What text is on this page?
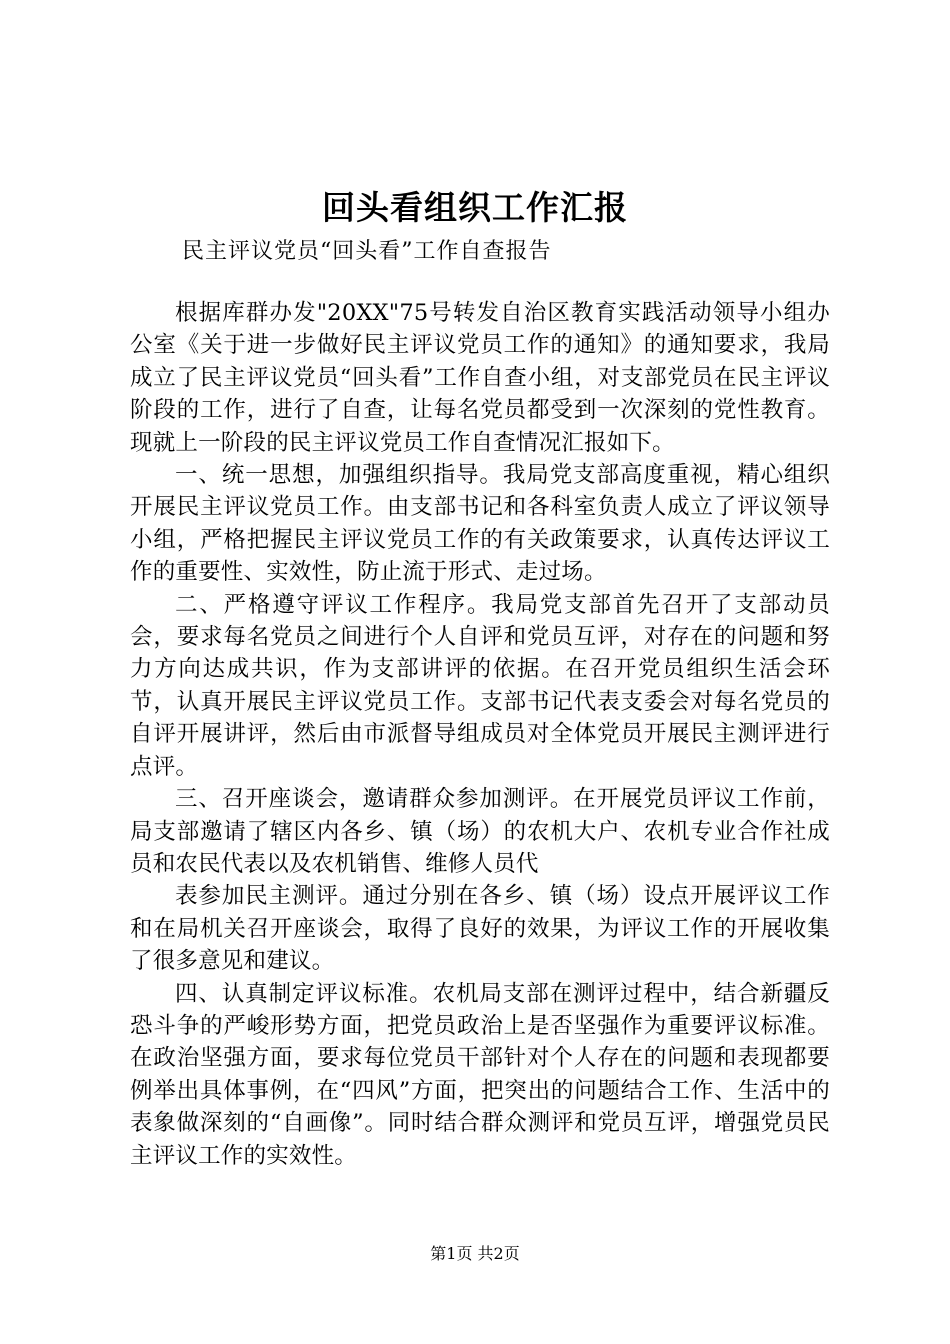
回头看组织工作汇报
民主评议党员“回头看”工作自查报告

根据库群办发"20XX"75号转发自治区教育实践活动领导小组办公室《关于进一步做好民主评议党员工作的通知》的通知要求，我局成立了民主评议党员“回头看”工作自查小组，对支部党员在民主评议阶段的工作，进行了自查，让每名党员都受到一次深刻的党性教育。现就上一阶段的民主评议党员工作自查情况汇报如下。

一、统一思想，加强组织指导。我局党支部高度重视，精心组织开展民主评议党员工作。由支部书记和各科室负责人成立了评议领导小组，严格把握民主评议党员工作的有关政策要求，认真传达评议工作的重要性、实效性，防止流于形式、走过场。

二、严格遵守评议工作程序。我局党支部首先召开了支部动员会，要求每名党员之间进行个人自评和党员互评，对存在的问题和努力方向达成共识，作为支部讲评的依据。在召开党员组织生活会环节，认真开展民主评议党员工作。支部书记代表支委会对每名党员的自评开展讲评，然后由市派督导组成员对全体党员开展民主测评进行点评。

三、召开座谈会，邀请群众参加测评。在开展党员评议工作前，局支部邀请了辖区内各乡、镇（场）的农机大户、农机专业合作社成员和农民代表以及农机销售、维修人员代

表参加民主测评。通过分别在各乡、镇（场）设点开展评议工作和在局机关召开座谈会，取得了良好的效果，为评议工作的开展收集了很多意见和建议。

四、认真制定评议标准。农机局支部在测评过程中，结合新疆反恐斗争的严峻形势方面，把党员政治上是否坚强作为重要评议标准。在政治坚强方面，要求每位党员干部针对个人存在的问题和表现都要例举出具体事例，在“四风”方面，把突出的问题结合工作、生活中的表象做深刻的“自画像”。同时结合群众测评和党员互评，增强党员民主评议工作的实效性。

第1页 共2页
